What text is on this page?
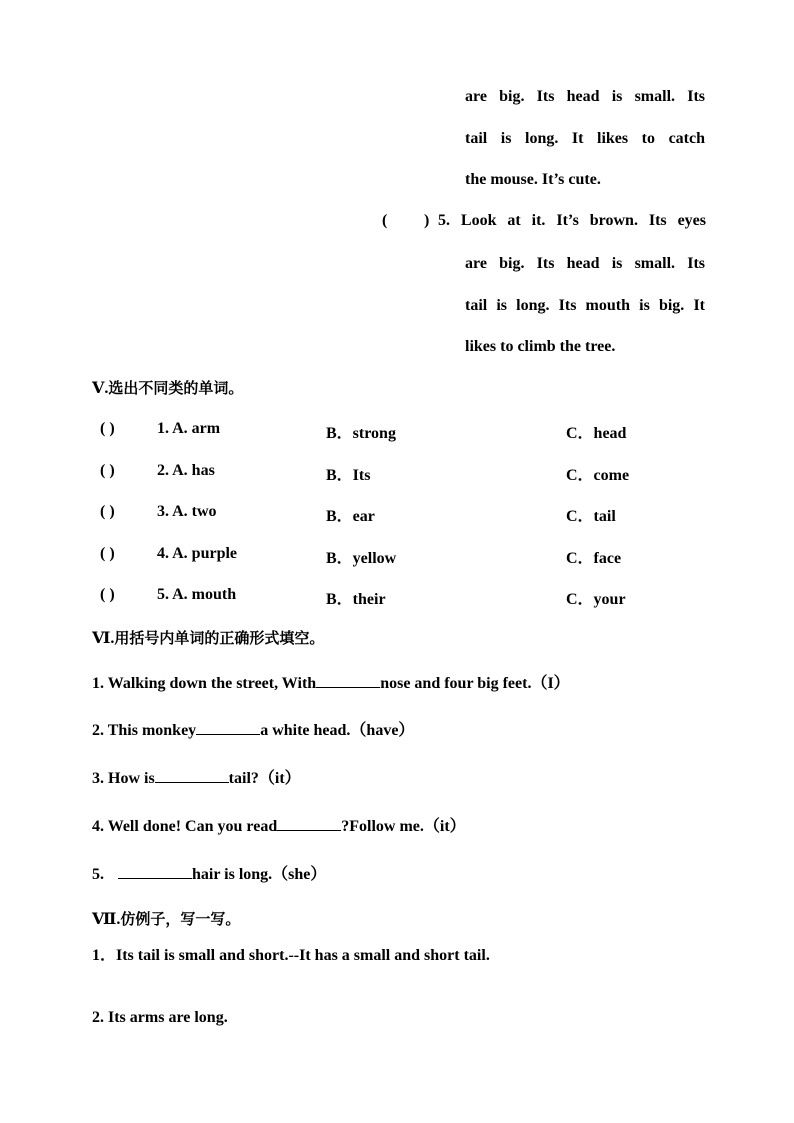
are big. Its head is small. Its
tail is long. It likes to catch
the mouse. It’s cute.
( ) 5. Look at it. It’s brown. Its eyes
are big. Its head is small. Its
tail is long. Its mouth is big. It
likes to climb the tree.
Ⅴ.选出不同类的单词。
( )	1. A. arm	B．strong	C．head
( )	2. A. has	B．Its	C．come
( )	3. A. two	B．ear	C．tail
( )	4. A. purple	B．yellow	C．face
( )	5. A. mouth	B．their	C．your
Ⅵ.用括号内单词的正确形式填空。
1. Walking down the street, With	nose and four big feet.（I）
2. This monkey	a white head.（have）
3. How is	tail?（it）
4. Well done! Can you read	?Follow me.（it）
5.	hair is long.（she）
Ⅶ.仿例子，写一写。
1．Its tail is small and short.--It has a small and short tail.
2. Its arms are long.
